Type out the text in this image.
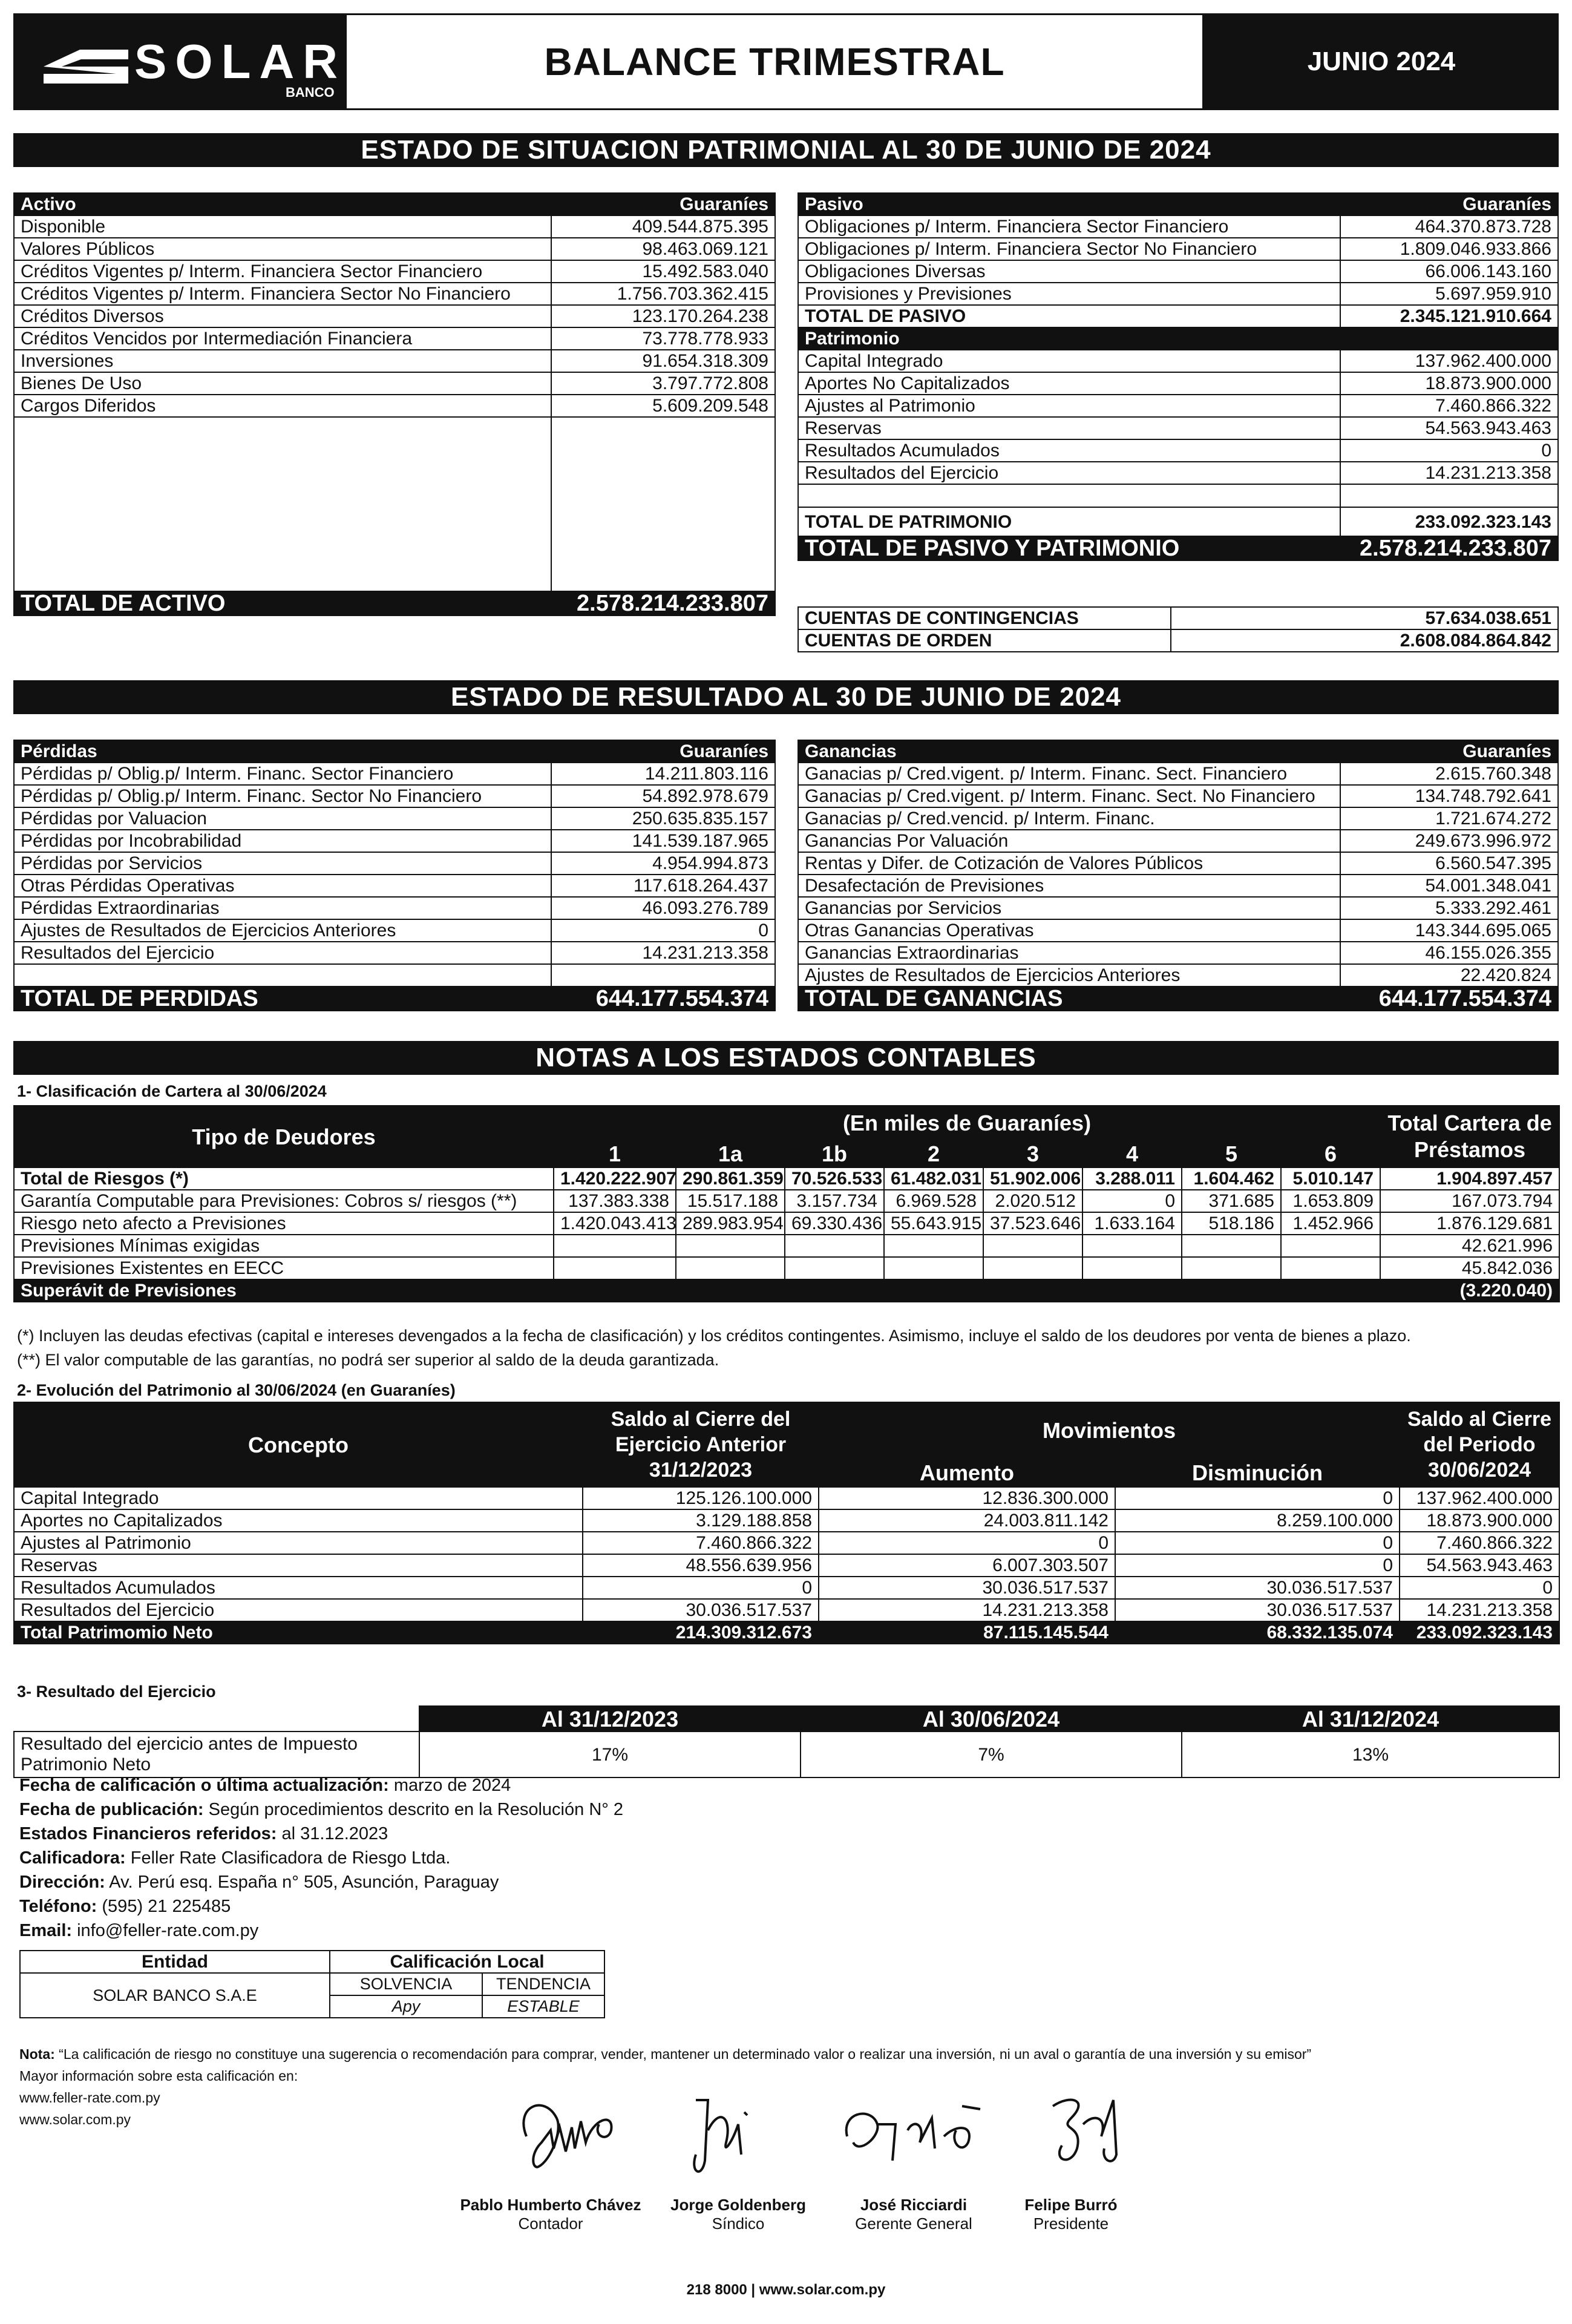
SOLAR
BANCO
BALANCE TRIMESTRAL	JUNIO 2024
ESTADO DE SITUACION PATRIMONIAL AL 30 DE JUNIO DE 2024
Activo	Guaraníes
Disponible	409.544.875.395
Valores Públicos	98.463.069.121
Créditos Vigentes p/ Interm. Financiera Sector Financiero	15.492.583.040
Créditos Vigentes p/ Interm. Financiera Sector No Financiero	1.756.703.362.415
Créditos Diversos	123.170.264.238
Créditos Vencidos por Intermediación Financiera	73.778.778.933
Inversiones	91.654.318.309
Bienes De Uso	3.797.772.808
Cargos Diferidos	5.609.209.548

TOTAL DE ACTIVO	2.578.214.233.807
Pasivo	Guaraníes
Obligaciones p/ Interm. Financiera Sector Financiero	464.370.873.728
Obligaciones p/ Interm. Financiera Sector No Financiero	1.809.046.933.866
Obligaciones Diversas	66.006.143.160
Provisiones y Previsiones	5.697.959.910
TOTAL DE PASIVO	2.345.121.910.664
Patrimonio	
Capital Integrado	137.962.400.000
Aportes No Capitalizados	18.873.900.000
Ajustes al Patrimonio	7.460.866.322
Reservas	54.563.943.463
Resultados Acumulados	0
Resultados del Ejercicio	14.231.213.358

TOTAL DE PATRIMONIO	233.092.323.143
TOTAL DE PASIVO Y PATRIMONIO	2.578.214.233.807
CUENTAS DE CONTINGENCIAS	57.634.038.651
CUENTAS DE ORDEN	2.608.084.864.842
ESTADO DE RESULTADO AL 30 DE JUNIO DE 2024
Pérdidas	Guaraníes
Pérdidas p/ Oblig.p/ Interm. Financ. Sector Financiero	14.211.803.116
Pérdidas p/ Oblig.p/ Interm. Financ. Sector No Financiero	54.892.978.679
Pérdidas por Valuacion	250.635.835.157
Pérdidas por Incobrabilidad	141.539.187.965
Pérdidas por Servicios	4.954.994.873
Otras Pérdidas Operativas	117.618.264.437
Pérdidas Extraordinarias	46.093.276.789
Ajustes de Resultados de Ejercicios Anteriores	0
Resultados del Ejercicio	14.231.213.358

TOTAL DE PERDIDAS	644.177.554.374
Ganancias	Guaraníes
Ganacias p/ Cred.vigent. p/ Interm. Financ. Sect. Financiero	2.615.760.348
Ganacias p/ Cred.vigent. p/ Interm. Financ. Sect. No Financiero	134.748.792.641
Ganacias p/ Cred.vencid. p/ Interm. Financ.	1.721.674.272
Ganancias Por Valuación	249.673.996.972
Rentas y Difer. de Cotización de Valores Públicos	6.560.547.395
Desafectación de Previsiones	54.001.348.041
Ganancias por Servicios	5.333.292.461
Otras Ganancias Operativas	143.344.695.065
Ganancias Extraordinarias	46.155.026.355
Ajustes de Resultados de Ejercicios Anteriores	22.420.824
TOTAL DE GANANCIAS	644.177.554.374
NOTAS A LOS ESTADOS CONTABLES
1- Clasificación de Cartera al 30/06/2024
Tipo de Deudores	(En miles de Guaraníes)								Total Cartera de Préstamos
	1	1a	1b	2	3	4	5	6	
Total de Riesgos (*)	1.420.222.907	290.861.359	70.526.533	61.482.031	51.902.006	3.288.011	1.604.462	5.010.147	1.904.897.457
Garantía Computable para Previsiones: Cobros s/ riesgos (**)	137.383.338	15.517.188	3.157.734	6.969.528	2.020.512	0	371.685	1.653.809	167.073.794
Riesgo neto afecto a Previsiones	1.420.043.413	289.983.954	69.330.436	55.643.915	37.523.646	1.633.164	518.186	1.452.966	1.876.129.681
Previsiones Mínimas exigidas									42.621.996
Previsiones Existentes en EECC									45.842.036
Superávit de Previsiones									(3.220.040)
(*) Incluyen las deudas efectivas (capital e intereses devengados a la fecha de clasificación) y los créditos contingentes. Asimismo, incluye el saldo de los deudores por venta de bienes a plazo.
(**) El valor computable de las garantías, no podrá ser superior al saldo de la deuda garantizada.
2- Evolución del Patrimonio al 30/06/2024 (en Guaraníes)
Concepto	Saldo al Cierre del Ejercicio Anterior 31/12/2023	Movimientos		Saldo al Cierre del Periodo 30/06/2024
		Aumento	Disminución	
Capital Integrado	125.126.100.000	12.836.300.000	0	137.962.400.000
Aportes no Capitalizados	3.129.188.858	24.003.811.142	8.259.100.000	18.873.900.000
Ajustes al Patrimonio	7.460.866.322	0	0	7.460.866.322
Reservas	48.556.639.956	6.007.303.507	0	54.563.943.463
Resultados Acumulados	0	30.036.517.537	30.036.517.537	0
Resultados del Ejercicio	30.036.517.537	14.231.213.358	30.036.517.537	14.231.213.358
Total Patrimomio Neto	214.309.312.673	87.115.145.544	68.332.135.074	233.092.323.143
3- Resultado del Ejercicio
	Al 31/12/2023	Al 30/06/2024	Al 31/12/2024
Resultado del ejercicio antes de Impuesto Patrimonio Neto	17%	7%	13%
Fecha de calificación o última actualización: marzo de 2024
Fecha de publicación: Según procedimientos descrito en la Resolución N° 2
Estados Financieros referidos: al 31.12.2023
Calificadora: Feller Rate Clasificadora de Riesgo Ltda.
Dirección: Av. Perú esq. España n° 505, Asunción, Paraguay
Teléfono: (595) 21 225485
Email: info@feller-rate.com.py
Entidad	Calificación Local	
SOLAR BANCO S.A.E	SOLVENCIA	TENDENCIA
	Apy	ESTABLE
Nota: “La calificación de riesgo no constituye una sugerencia o recomendación para comprar, vender, mantener un determinado valor o realizar una inversión, ni un aval o garantía de una inversión y su emisor”
Mayor información sobre esta calificación en:
www.feller-rate.com.py
www.solar.com.py
Pablo Humberto Chávez
Contador
Jorge Goldenberg
Síndico
José Ricciardi
Gerente General
Felipe Burró
Presidente
218 8000 | www.solar.com.py
